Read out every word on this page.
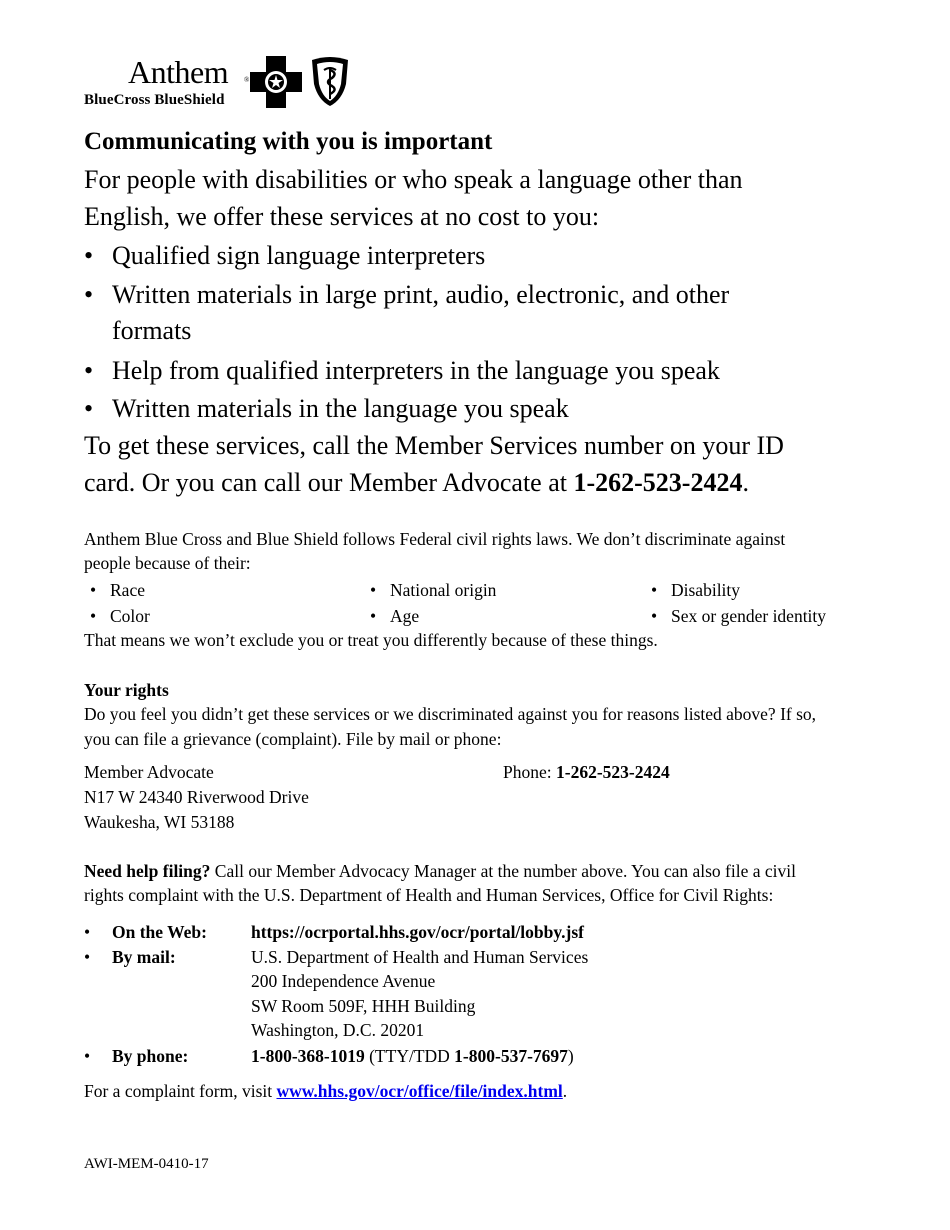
Anthem ®
BlueCross BlueShield
Communicating with you is important
For people with disabilities or who speak a language other than
English, we offer these services at no cost to you:
• Qualified sign language interpreters
• Written materials in large print, audio, electronic, and other
formats
• Help from qualified interpreters in the language you speak
• Written materials in the language you speak
To get these services, call the Member Services number on your ID
card. Or you can call our Member Advocate at 1-262-523-2424.
Anthem Blue Cross and Blue Shield follows Federal civil rights laws. We don’t discriminate against
people because of their:
• Race	• National origin	• Disability
• Color	• Age	• Sex or gender identity
That means we won’t exclude you or treat you differently because of these things.
Your rights
Do you feel you didn’t get these services or we discriminated against you for reasons listed above? If so,
you can file a grievance (complaint). File by mail or phone:
Member Advocate
N17 W 24340 Riverwood Drive
Waukesha, WI 53188
Phone: 1-262-523-2424
Need help filing? Call our Member Advocacy Manager at the number above. You can also file a civil
rights complaint with the U.S. Department of Health and Human Services, Office for Civil Rights:
• On the Web:	https://ocrportal.hhs.gov/ocr/portal/lobby.jsf
• By mail:	U.S. Department of Health and Human Services
200 Independence Avenue
SW Room 509F, HHH Building
Washington, D.C. 20201
• By phone:	1-800-368-1019 (TTY/TDD 1-800-537-7697)
For a complaint form, visit www.hhs.gov/ocr/office/file/index.html.
AWI-MEM-0410-17
